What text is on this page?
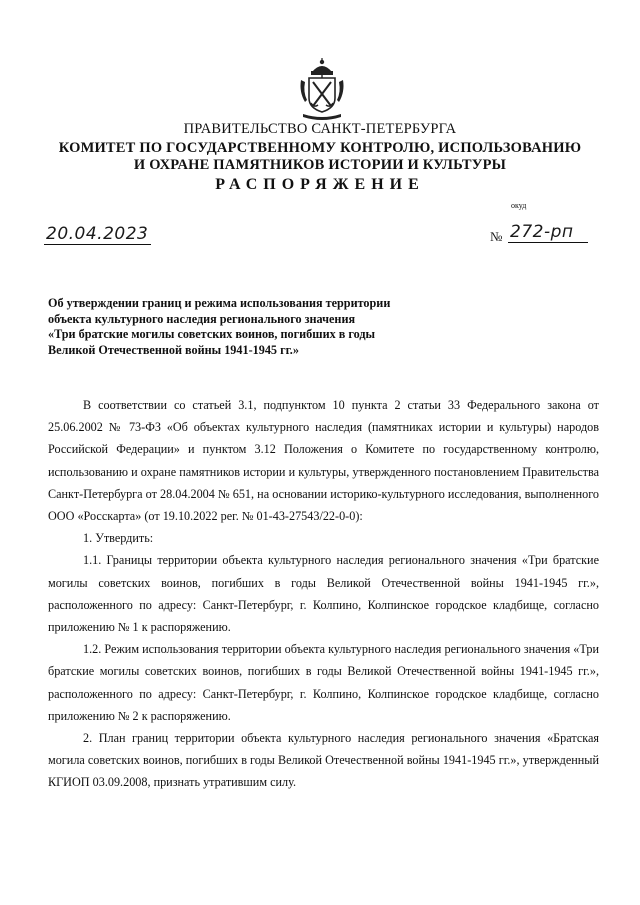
ПРАВИТЕЛЬСТВО САНКТ-ПЕТЕРБУРГА
КОМИТЕТ ПО ГОСУДАРСТВЕННОМУ КОНТРОЛЮ, ИСПОЛЬЗОВАНИЮ
И ОХРАНЕ ПАМЯТНИКОВ ИСТОРИИ И КУЛЬТУРЫ
РАСПОРЯЖЕНИЕ
окуд
20.04.2023	№ 272-рп
Об утверждении границ и режима использования территории
объекта культурного наследия регионального значения
«Три братские могилы советских воинов, погибших в годы
Великой Отечественной войны 1941-1945 гг.»

В соответствии со статьей 3.1, подпунктом 10 пункта 2 статьи 33 Федерального закона от 25.06.2002 № 73-ФЗ «Об объектах культурного наследия (памятниках истории и культуры) народов Российской Федерации» и пунктом 3.12 Положения о Комитете по государственному контролю, использованию и охране памятников истории и культуры, утвержденного постановлением Правительства Санкт-Петербурга от 28.04.2004 № 651, на основании историко-культурного исследования, выполненного ООО «Росскарта» (от 19.10.2022 рег. № 01-43-27543/22-0-0):

1. Утвердить:

1.1. Границы территории объекта культурного наследия регионального значения «Три братские могилы советских воинов, погибших в годы Великой Отечественной войны 1941-1945 гг.», расположенного по адресу: Санкт-Петербург, г. Колпино, Колпинское городское кладбище, согласно приложению № 1 к распоряжению.

1.2. Режим использования территории объекта культурного наследия регионального значения «Три братские могилы советских воинов, погибших в годы Великой Отечественной войны 1941-1945 гг.», расположенного по адресу: Санкт-Петербург, г. Колпино, Колпинское городское кладбище, согласно приложению № 2 к распоряжению.

2. План границ территории объекта культурного наследия регионального значения «Братская могила советских воинов, погибших в годы Великой Отечественной войны 1941-1945 гг.», утвержденный КГИОП 03.09.2008, признать утратившим силу.
